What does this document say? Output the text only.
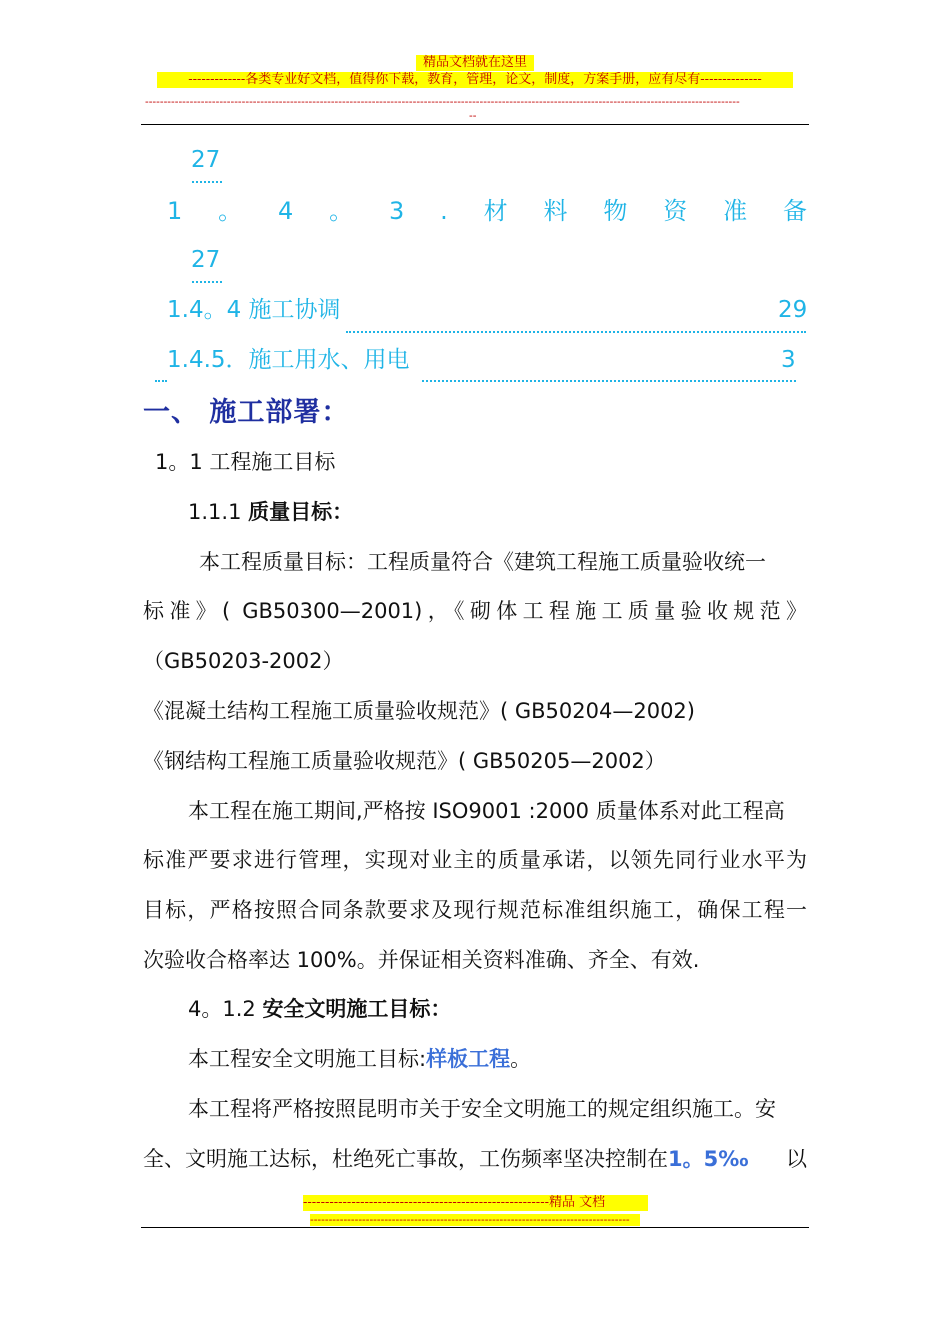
精品文档就在这里
-------------各类专业好文档，值得你下载，教育，管理，论文，制度，方案手册，应有尽有--------------
----------------------------------------------------------------------------------------------------------------------------------------------------------------
--
27
1 。 4 。 3 . 材 料 物 资 准 备
27
1.4。4 施工协调	29
1.4.5．施工用水、用电	3
一、 施工部署：
1。1 工程施工目标
1.1.1 质量目标：
本工程质量目标：工程质量符合《建筑工程施工质量验收统一
标准》( GB50300—2001)，《砌体工程施工质量验收规范》
（GB50203-2002）
《混凝土结构工程施工质量验收规范》( GB50204—2002)
《钢结构工程施工质量验收规范》( GB50205—2002）
本工程在施工期间,严格按 ISO9001 :2000 质量体系对此工程高
标准严要求进行管理，实现对业主的质量承诺，以领先同行业水平为
目标，严格按照合同条款要求及现行规范标准组织施工，确保工程一
次验收合格率达 100%。并保证相关资料准确、齐全、有效.
4。1.2 安全文明施工目标：
本工程安全文明施工目标:样板工程。
本工程将严格按照昆明市关于安全文明施工的规定组织施工。安
全、文明施工达标，杜绝死亡事故，工伤频率坚决控制在 1。5‰ 以
--------------------------------------------------------精品 文档
--------------------------------------------------------------------------------------
